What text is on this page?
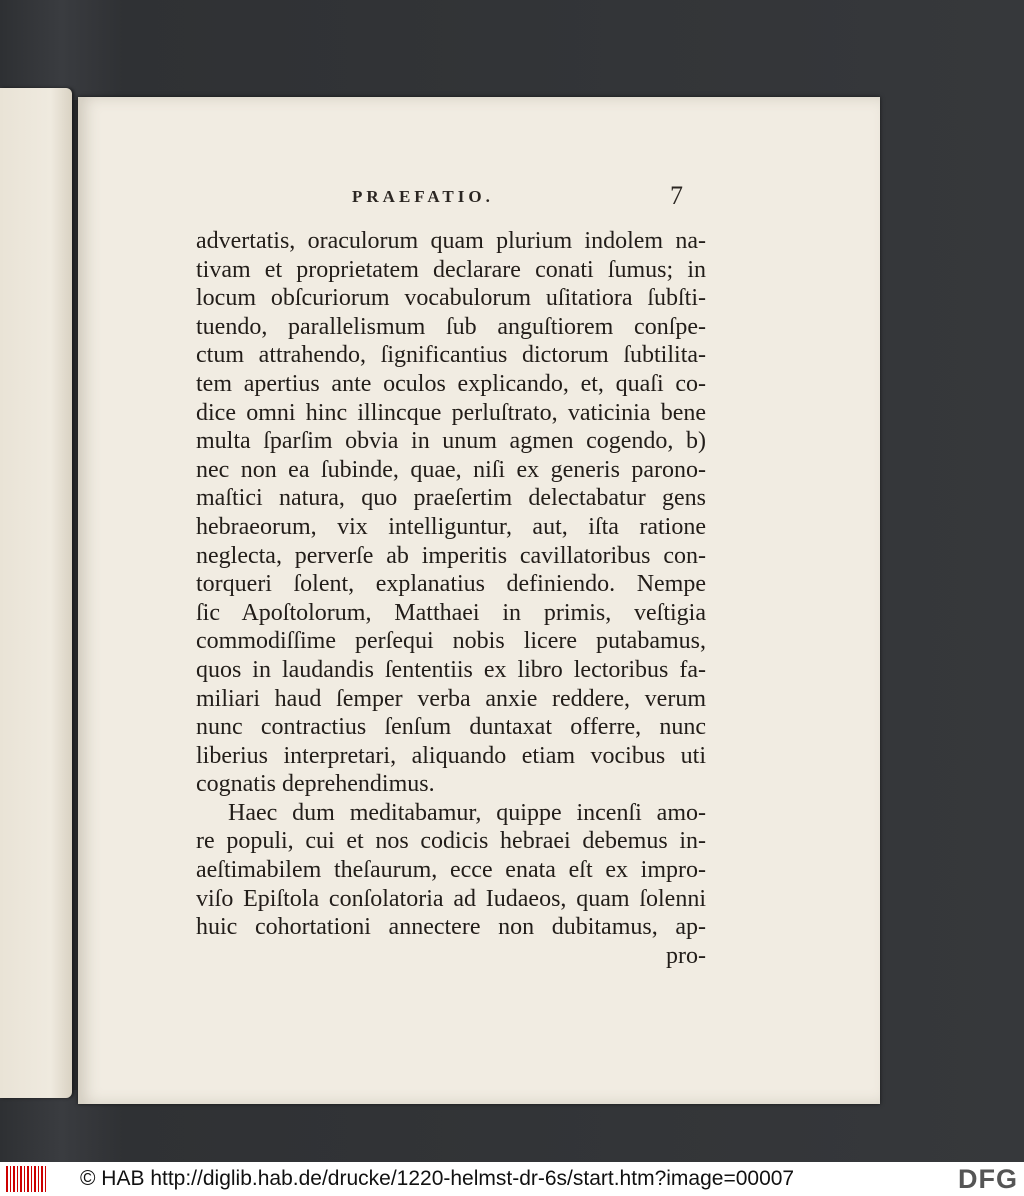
PRAEFATIO.	7
advertatis, oraculorum quam plurium indolem na-
tivam et proprietatem declarare conati ſumus; in
locum obſcuriorum vocabulorum uſitatiora ſubſti-
tuendo, parallelismum ſub anguſtiorem conſpe-
ctum attrahendo, ſignificantius dictorum ſubtilita-
tem apertius ante oculos explicando, et, quaſi co-
dice omni hinc illincque perluſtrato, vaticinia bene
multa ſparſim obvia in unum agmen cogendo, b)
nec non ea ſubinde, quae, niſi ex generis parono-
maſtici natura, quo praeſertim delectabatur gens
hebraeorum, vix intelliguntur, aut, iſta ratione
neglecta, perverſe ab imperitis cavillatoribus con-
torqueri ſolent, explanatius definiendo. Nempe
ſic Apoſtolorum, Matthaei in primis, veſtigia
commodiſſime perſequi nobis licere putabamus,
quos in laudandis ſententiis ex libro lectoribus fa-
miliari haud ſemper verba anxie reddere, verum
nunc contractius ſenſum duntaxat offerre, nunc
liberius interpretari, aliquando etiam vocibus uti
cognatis deprehendimus.
Haec dum meditabamur, quippe incenſi amo-
re populi, cui et nos codicis hebraei debemus in-
aeſtimabilem theſaurum, ecce enata eſt ex impro-
viſo Epiſtola conſolatoria ad Iudaeos, quam ſolenni
huic cohortationi annectere non dubitamus, ap-
pro-
© HAB http://diglib.hab.de/drucke/1220-helmst-dr-6s/start.htm?image=00007	DFG
